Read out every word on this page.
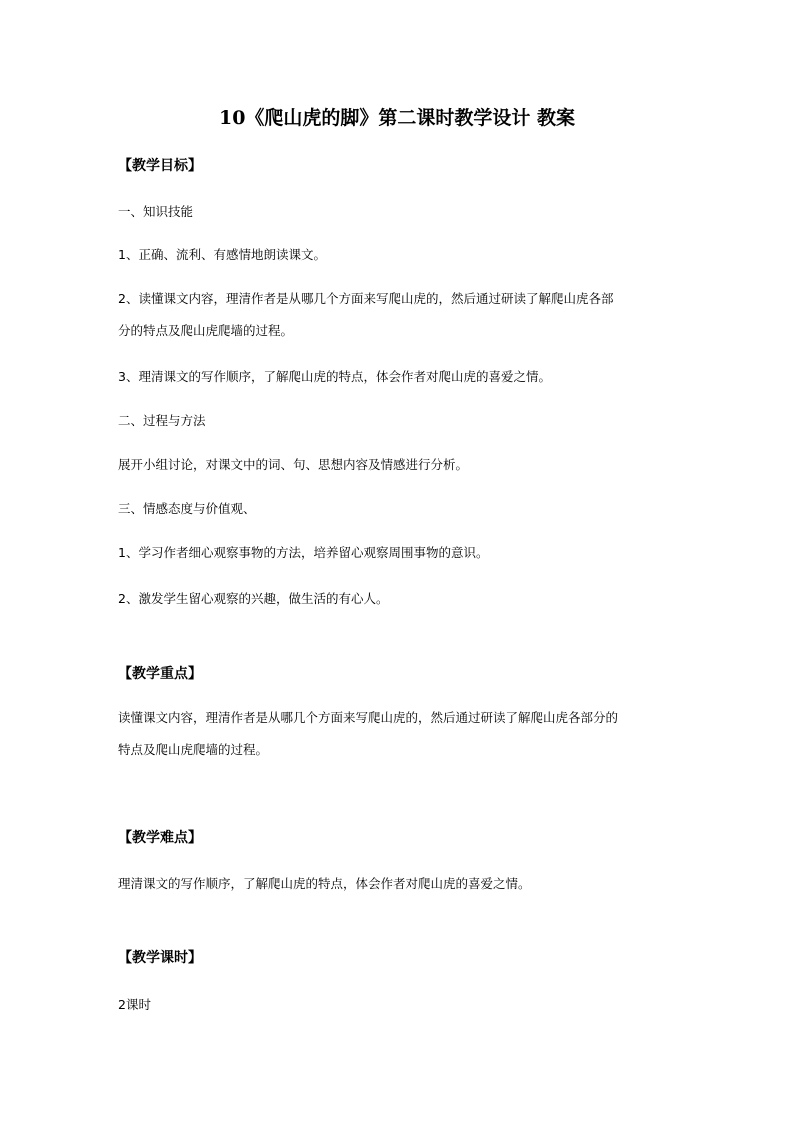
10《爬山虎的脚》第二课时教学设计 教案
【教学目标】
一、知识技能
1、正确、流利、有感情地朗读课文。
2、读懂课文内容，理清作者是从哪几个方面来写爬山虎的，然后通过研读了解爬山虎各部
分的特点及爬山虎爬墙的过程。
3、理清课文的写作顺序，了解爬山虎的特点，体会作者对爬山虎的喜爱之情。
二、过程与方法
展开小组讨论，对课文中的词、句、思想内容及情感进行分析。
三、情感态度与价值观、
1、学习作者细心观察事物的方法，培养留心观察周围事物的意识。
2、激发学生留心观察的兴趣，做生活的有心人。
【教学重点】
读懂课文内容，理清作者是从哪几个方面来写爬山虎的，然后通过研读了解爬山虎各部分的
特点及爬山虎爬墙的过程。
【教学难点】
理清课文的写作顺序，了解爬山虎的特点，体会作者对爬山虎的喜爱之情。
【教学课时】
2课时
